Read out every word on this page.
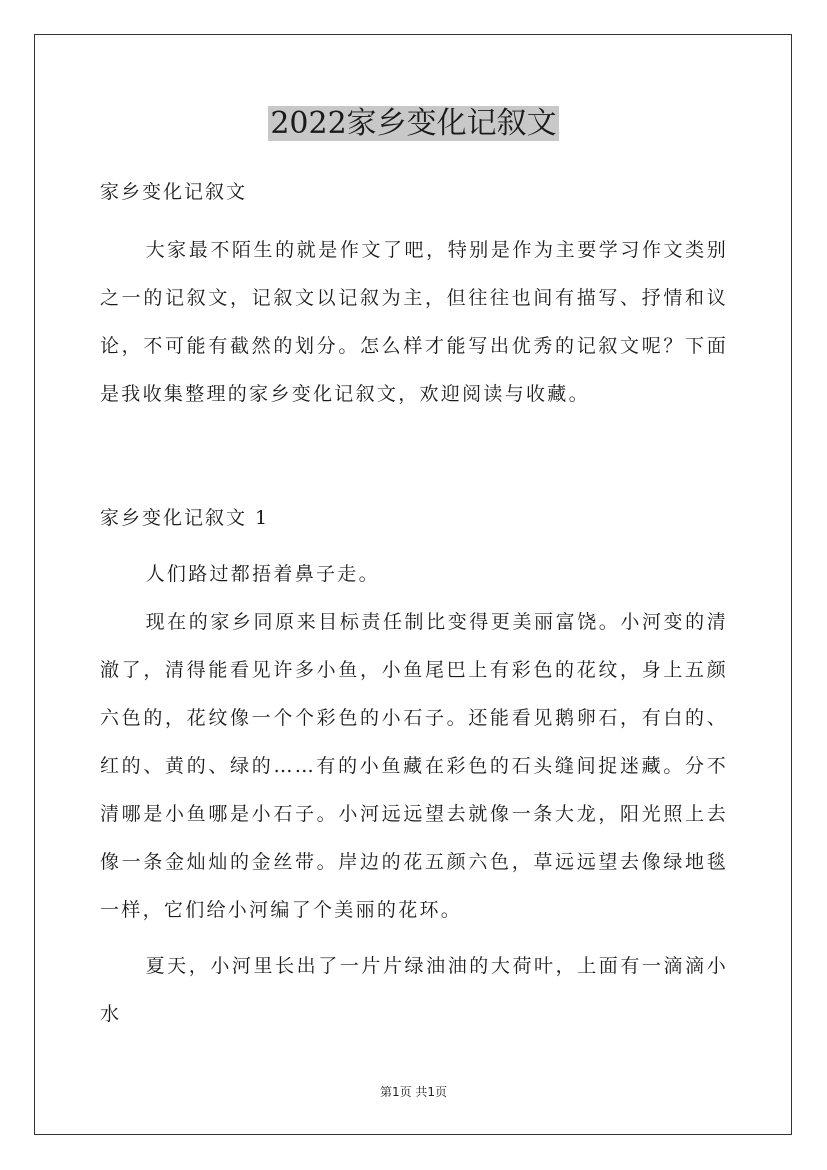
2022家乡变化记叙文
家乡变化记叙文

大家最不陌生的就是作文了吧，特别是作为主要学习作文类别之一的记叙文，记叙文以记叙为主，但往往也间有描写、抒情和议论，不可能有截然的划分。怎么样才能写出优秀的记叙文呢？下面是我收集整理的家乡变化记叙文，欢迎阅读与收藏。

家乡变化记叙文 1

人们路过都捂着鼻子走。

现在的家乡同原来目标责任制比变得更美丽富饶。小河变的清澈了，清得能看见许多小鱼，小鱼尾巴上有彩色的花纹，身上五颜六色的，花纹像一个个彩色的小石子。还能看见鹅卵石，有白的、红的、黄的、绿的……有的小鱼藏在彩色的石头缝间捉迷藏。分不清哪是小鱼哪是小石子。小河远远望去就像一条大龙，阳光照上去像一条金灿灿的金丝带。岸边的花五颜六色，草远远望去像绿地毯一样，它们给小河编了个美丽的花环。

夏天，小河里长出了一片片绿油油的大荷叶，上面有一滴滴小水

第1页 共1页
